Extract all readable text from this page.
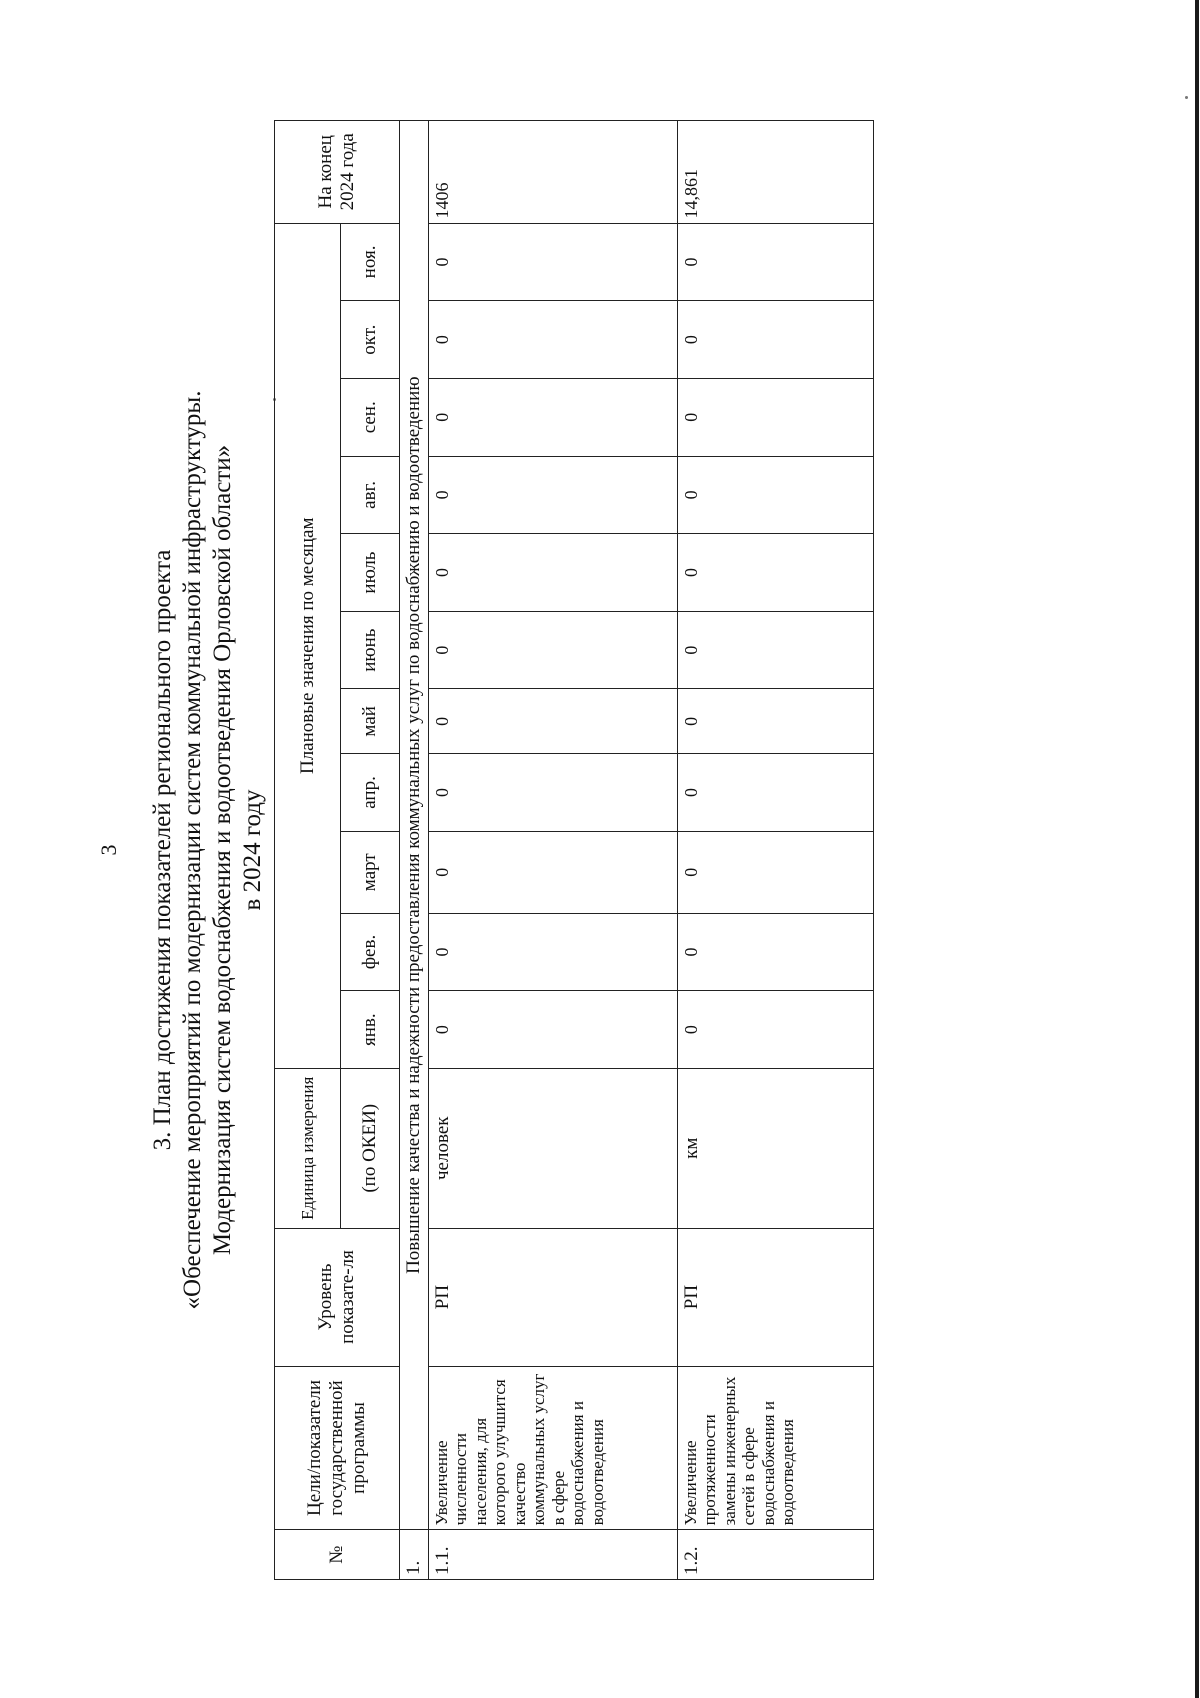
3 3. План достижения показателей регионального проекта «Обеспечение мероприятий по модернизации систем коммунальной инфраструктуры. Модернизация систем водоснабжения и водоотведения Орловской области» в 2024 году
№	Цели/показатели государственной программы	Уровень показате-ля	Единица измерения	Плановые значения по месяцам											На конец 2024 года
			(по ОКЕИ)	янв.	фев.	март	апр.	май	июнь	июль	авг.	сен.	окт.	ноя.	
1.	Повышение качества и надежности предоставления коммунальных услуг по водоснабжению и водоотведению														
1.1.	Увеличение численности населения, для которого улучшится качество коммунальных услуг в сфере водоснабжения и водоотведения	РП	человек	0	0	0	0	0	0	0	0	0	0	0	1406
1.2.	Увеличение протяженности замены инженерных сетей в сфере водоснабжения и водоотведения	РП	км	0	0	0	0	0	0	0	0	0	0	0	14,861
